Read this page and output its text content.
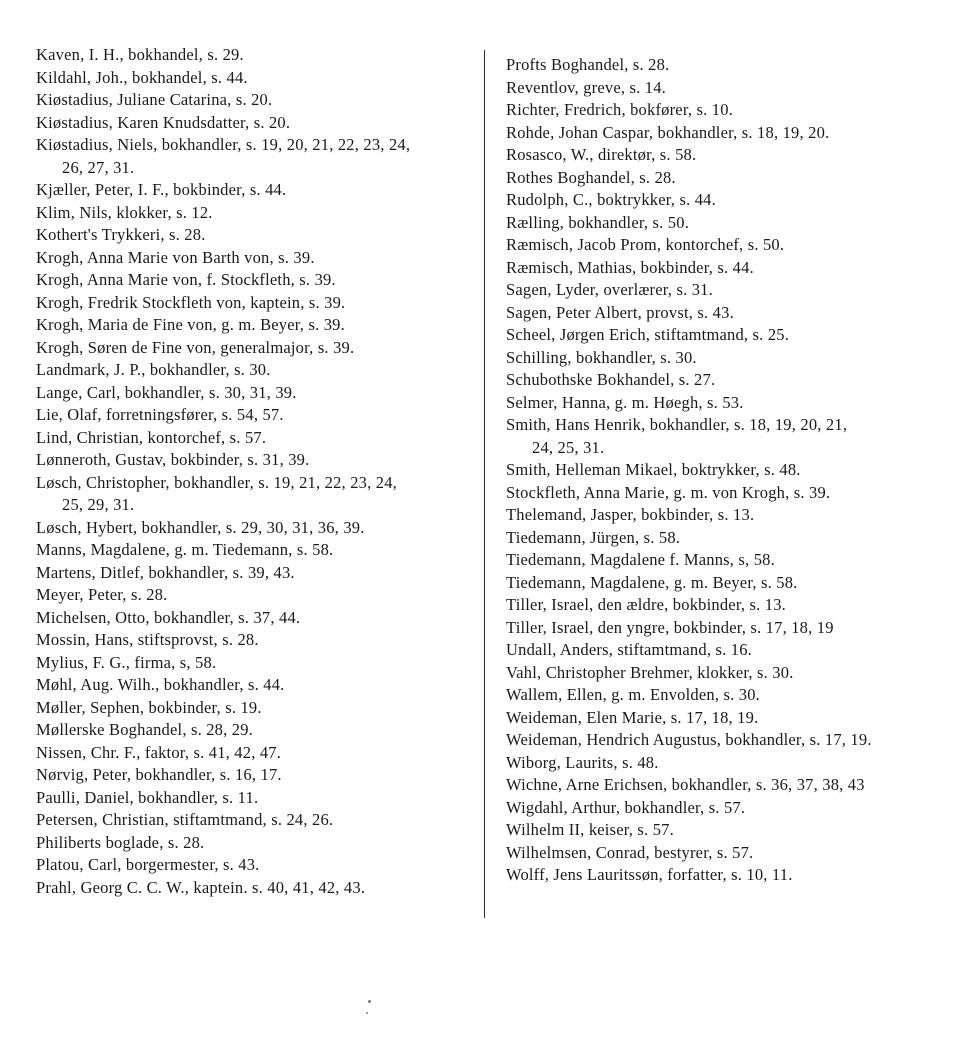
Kaven, I. H., bokhandel, s. 29.
Kildahl, Joh., bokhandel, s. 44.
Kiøstadius, Juliane Catarina, s. 20.
Kiøstadius, Karen Knudsdatter, s. 20.
Kiøstadius, Niels, bokhandler, s. 19, 20, 21, 22, 23, 24,
26, 27, 31.
Kjæller, Peter, I. F., bokbinder, s. 44.
Klim, Nils, klokker, s. 12.
Kothert's Trykkeri, s. 28.
Krogh, Anna Marie von Barth von, s. 39.
Krogh, Anna Marie von, f. Stockfleth, s. 39.
Krogh, Fredrik Stockfleth von, kaptein, s. 39.
Krogh, Maria de Fine von, g. m. Beyer, s. 39.
Krogh, Søren de Fine von, generalmajor, s. 39.
Landmark, J. P., bokhandler, s. 30.
Lange, Carl, bokhandler, s. 30, 31, 39.
Lie, Olaf, forretningsfører, s. 54, 57.
Lind, Christian, kontorchef, s. 57.
Lønneroth, Gustav, bokbinder, s. 31, 39.
Løsch, Christopher, bokhandler, s. 19, 21, 22, 23, 24,
25, 29, 31.
Løsch, Hybert, bokhandler, s. 29, 30, 31, 36, 39.
Manns, Magdalene, g. m. Tiedemann, s. 58.
Martens, Ditlef, bokhandler, s. 39, 43.
Meyer, Peter, s. 28.
Michelsen, Otto, bokhandler, s. 37, 44.
Mossin, Hans, stiftsprovst, s. 28.
Mylius, F. G., firma, s, 58.
Møhl, Aug. Wilh., bokhandler, s. 44.
Møller, Sephen, bokbinder, s. 19.
Møllerske Boghandel, s. 28, 29.
Nissen, Chr. F., faktor, s. 41, 42, 47.
Nørvig, Peter, bokhandler, s. 16, 17.
Paulli, Daniel, bokhandler, s. 11.
Petersen, Christian, stiftamtmand, s. 24, 26.
Philiberts boglade, s. 28.
Platou, Carl, borgermester, s. 43.
Prahl, Georg C. C. W., kaptein. s. 40, 41, 42, 43.
Profts Boghandel, s. 28.
Reventlov, greve, s. 14.
Richter, Fredrich, bokfører, s. 10.
Rohde, Johan Caspar, bokhandler, s. 18, 19, 20.
Rosasco, W., direktør, s. 58.
Rothes Boghandel, s. 28.
Rudolph, C., boktrykker, s. 44.
Rælling, bokhandler, s. 50.
Ræmisch, Jacob Prom, kontorchef, s. 50.
Ræmisch, Mathias, bokbinder, s. 44.
Sagen, Lyder, overlærer, s. 31.
Sagen, Peter Albert, provst, s. 43.
Scheel, Jørgen Erich, stiftamtmand, s. 25.
Schilling, bokhandler, s. 30.
Schubothske Bokhandel, s. 27.
Selmer, Hanna, g. m. Høegh, s. 53.
Smith, Hans Henrik, bokhandler, s. 18, 19, 20, 21,
24, 25, 31.
Smith, Helleman Mikael, boktrykker, s. 48.
Stockfleth, Anna Marie, g. m. von Krogh, s. 39.
Thelemand, Jasper, bokbinder, s. 13.
Tiedemann, Jürgen, s. 58.
Tiedemann, Magdalene f. Manns, s, 58.
Tiedemann, Magdalene, g. m. Beyer, s. 58.
Tiller, Israel, den ældre, bokbinder, s. 13.
Tiller, Israel, den yngre, bokbinder, s. 17, 18, 19
Undall, Anders, stiftamtmand, s. 16.
Vahl, Christopher Brehmer, klokker, s. 30.
Wallem, Ellen, g. m. Envolden, s. 30.
Weideman, Elen Marie, s. 17, 18, 19.
Weideman, Hendrich Augustus, bokhandler, s. 17, 19.
Wiborg, Laurits, s. 48.
Wichne, Arne Erichsen, bokhandler, s. 36, 37, 38, 43
Wigdahl, Arthur, bokhandler, s. 57.
Wilhelm II, keiser, s. 57.
Wilhelmsen, Conrad, bestyrer, s. 57.
Wolff, Jens Lauritssøn, forfatter, s. 10, 11.
